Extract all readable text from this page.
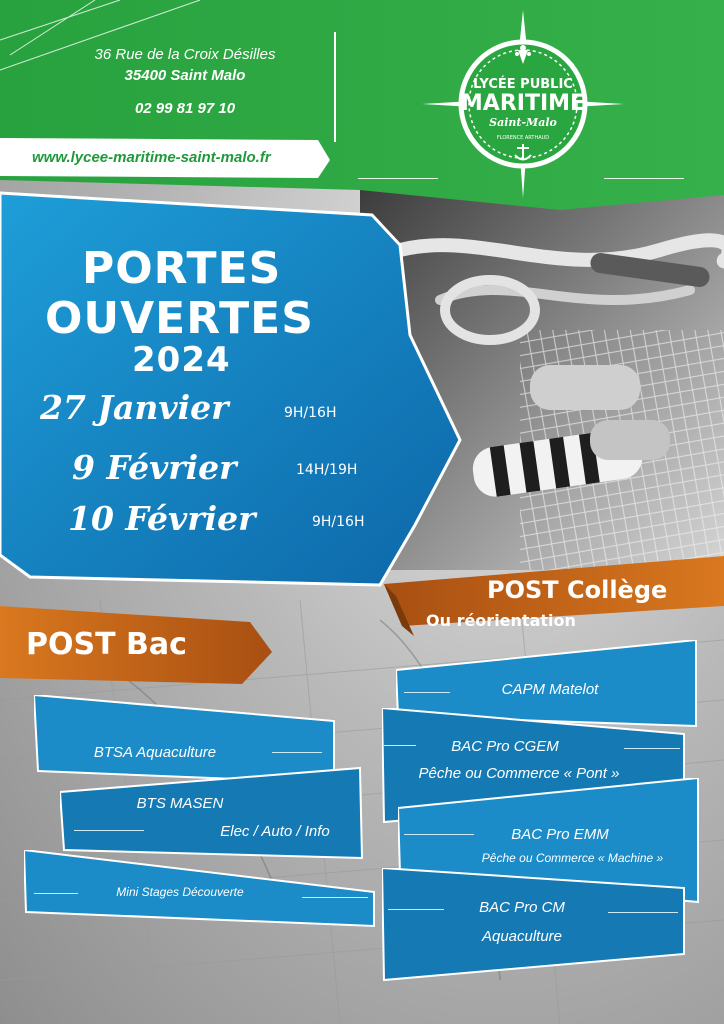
36 Rue de la Croix Désilles
35400 Saint Malo
02 99 81 97 10
www.lycee-maritime-saint-malo.fr
LYCÉE PUBLIC
MARITIME
Saint-Malo
FLORENCE ARTHAUD
PORTES
OUVERTES
2024
27 Janvier	9H/16H
9 Février	14H/19H
10 Février	9H/16H
POST Collège
Ou réorientation
POST Bac
BTSA Aquaculture
BTS MASEN
Elec / Auto / Info
Mini Stages Découverte
CAPM Matelot
BAC Pro CGEM
Pêche ou Commerce « Pont »
BAC Pro EMM
Pêche ou Commerce « Machine »
BAC Pro CM
Aquaculture
